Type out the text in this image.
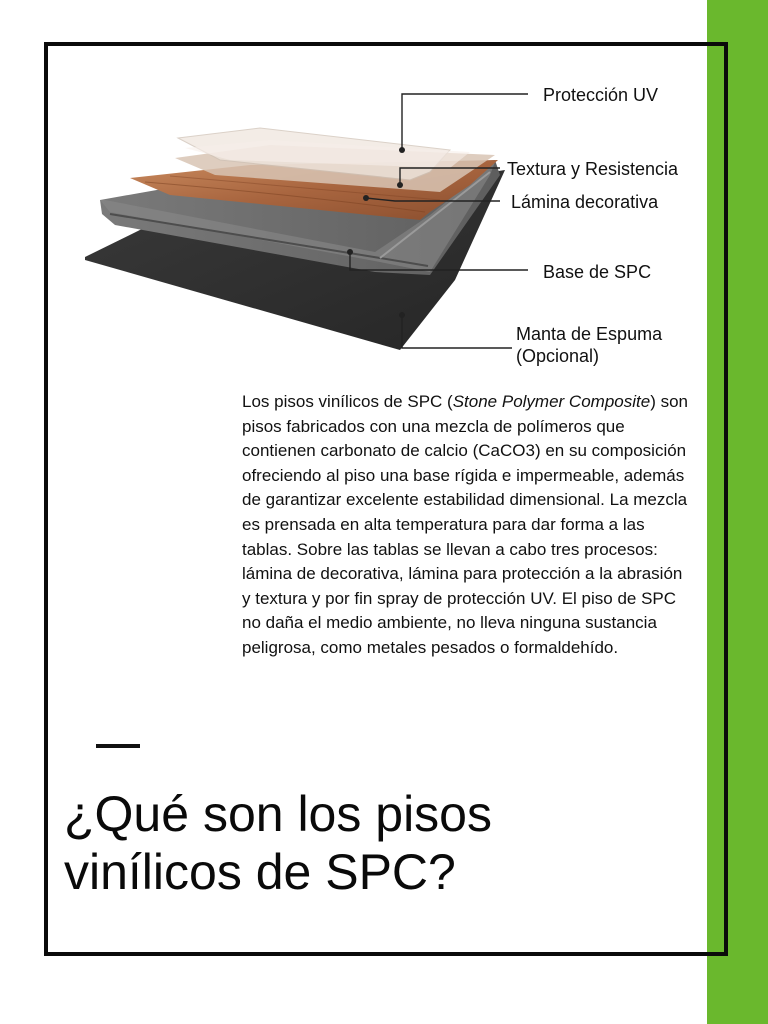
Protección UV
Textura y Resistencia
Lámina decorativa
Base de SPC
Manta de Espuma
(Opcional)

Los pisos vinílicos de SPC (Stone Polymer Composite) son pisos fabricados con una mezcla de polímeros que contienen carbonato de calcio (CaCO3) en su composición ofreciendo al piso una base rígida e impermeable, además de garantizar excelente estabilidad dimensional. La mezcla es prensada en alta temperatura para dar forma a las tablas. Sobre las tablas se llevan a cabo tres procesos: lámina de decorativa, lámina para protección a la abrasión y textura y por fin spray de protección UV. El piso de SPC no daña el medio ambiente, no lleva ninguna sustancia peligrosa, como metales pesados o formaldehído.

¿Qué son los pisos
vinílicos de SPC?
